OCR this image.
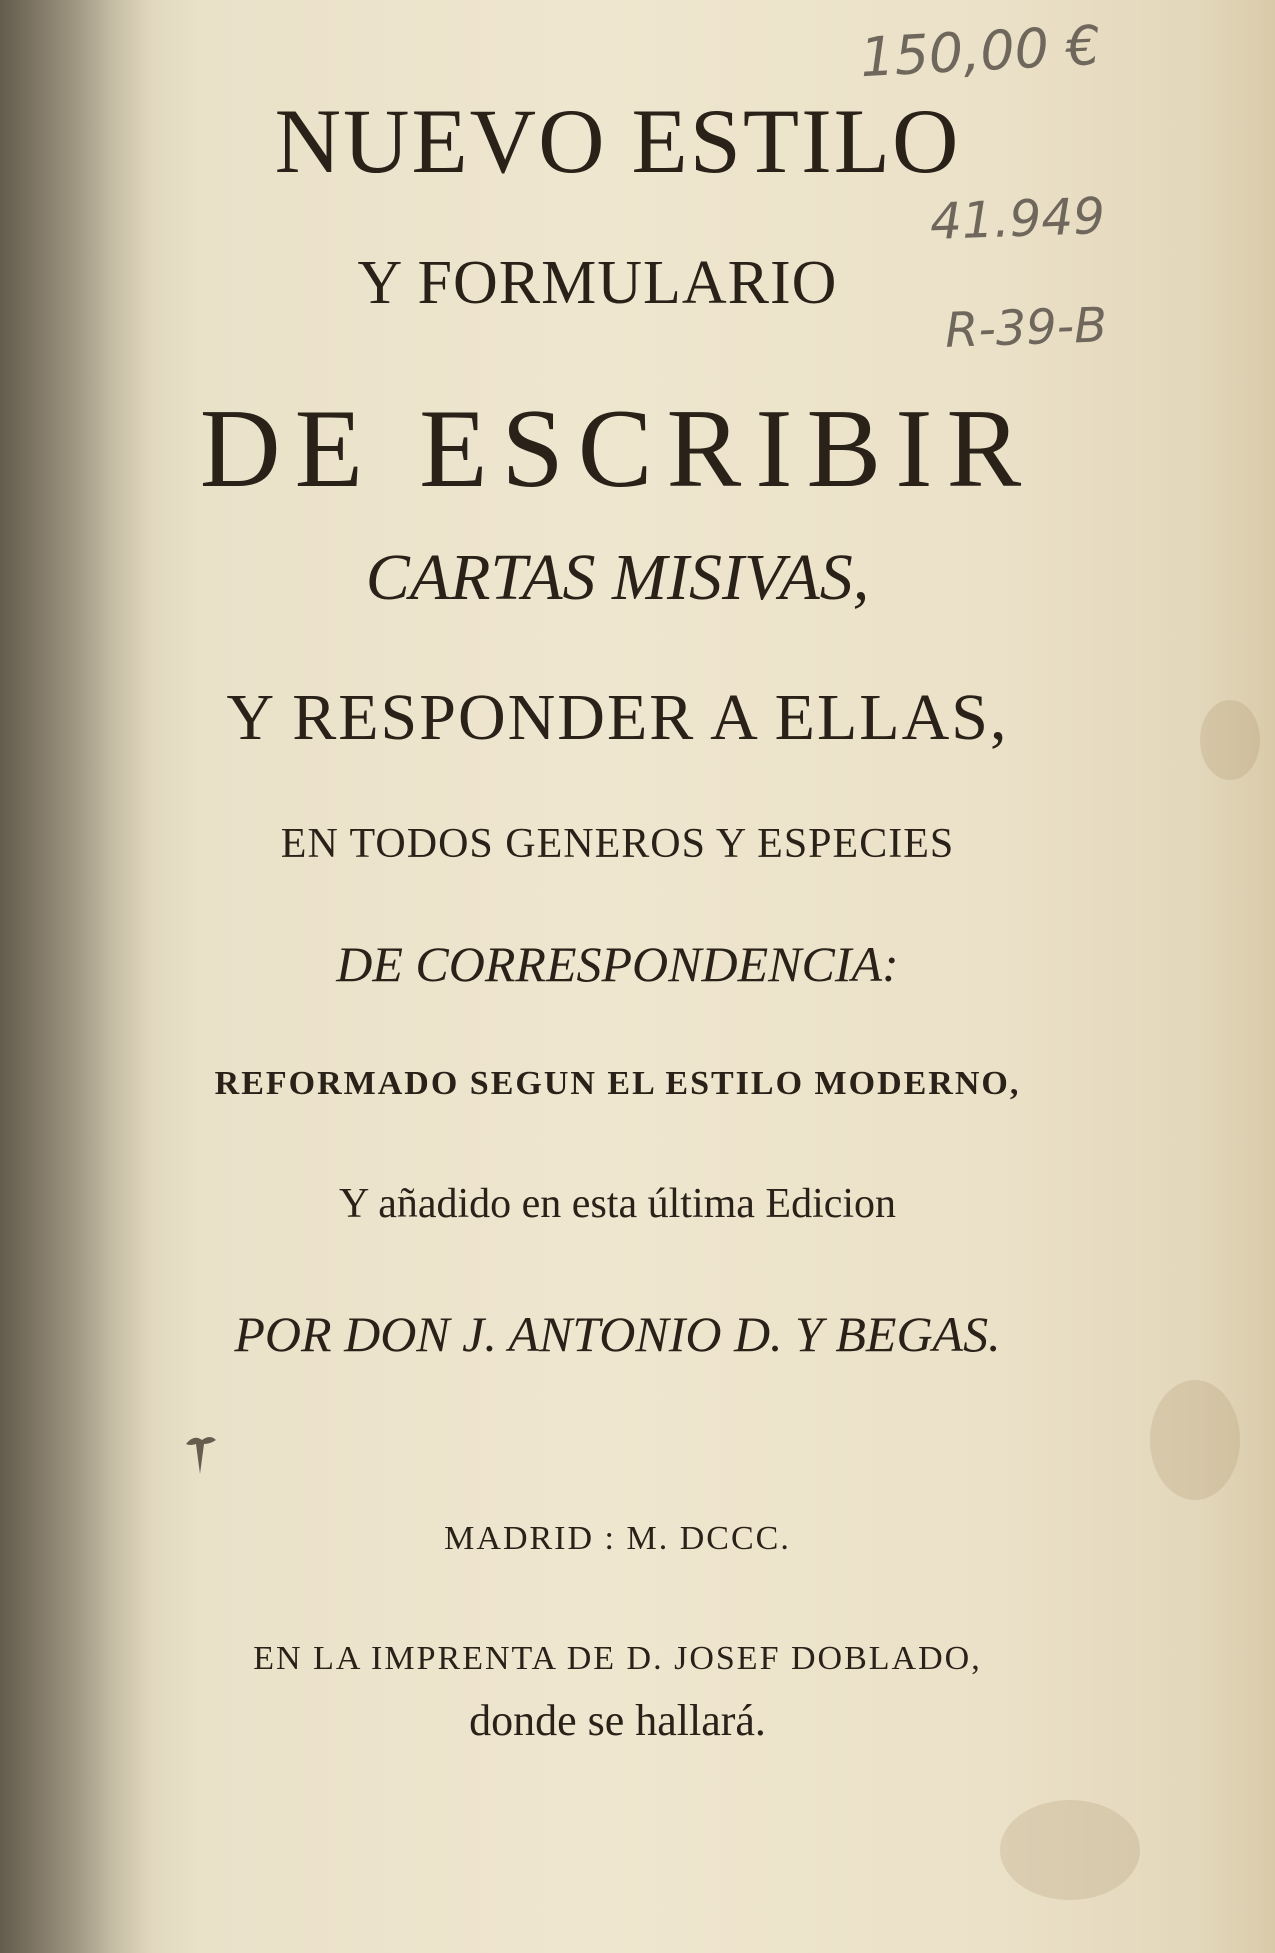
150,00 €
41.949
R-39-B
NUEVO ESTILO
Y FORMULARIO
DE ESCRIBIR
CARTAS MISIVAS,
Y RESPONDER A ELLAS,
EN TODOS GENEROS Y ESPECIES
DE CORRESPONDENCIA:
REFORMADO SEGUN EL ESTILO MODERNO,
Y añadido en esta última Edicion
POR DON J. ANTONIO D. Y BEGAS.
MADRID : M. DCCC.
EN LA IMPRENTA DE D. JOSEF DOBLADO,
donde se hallará.
